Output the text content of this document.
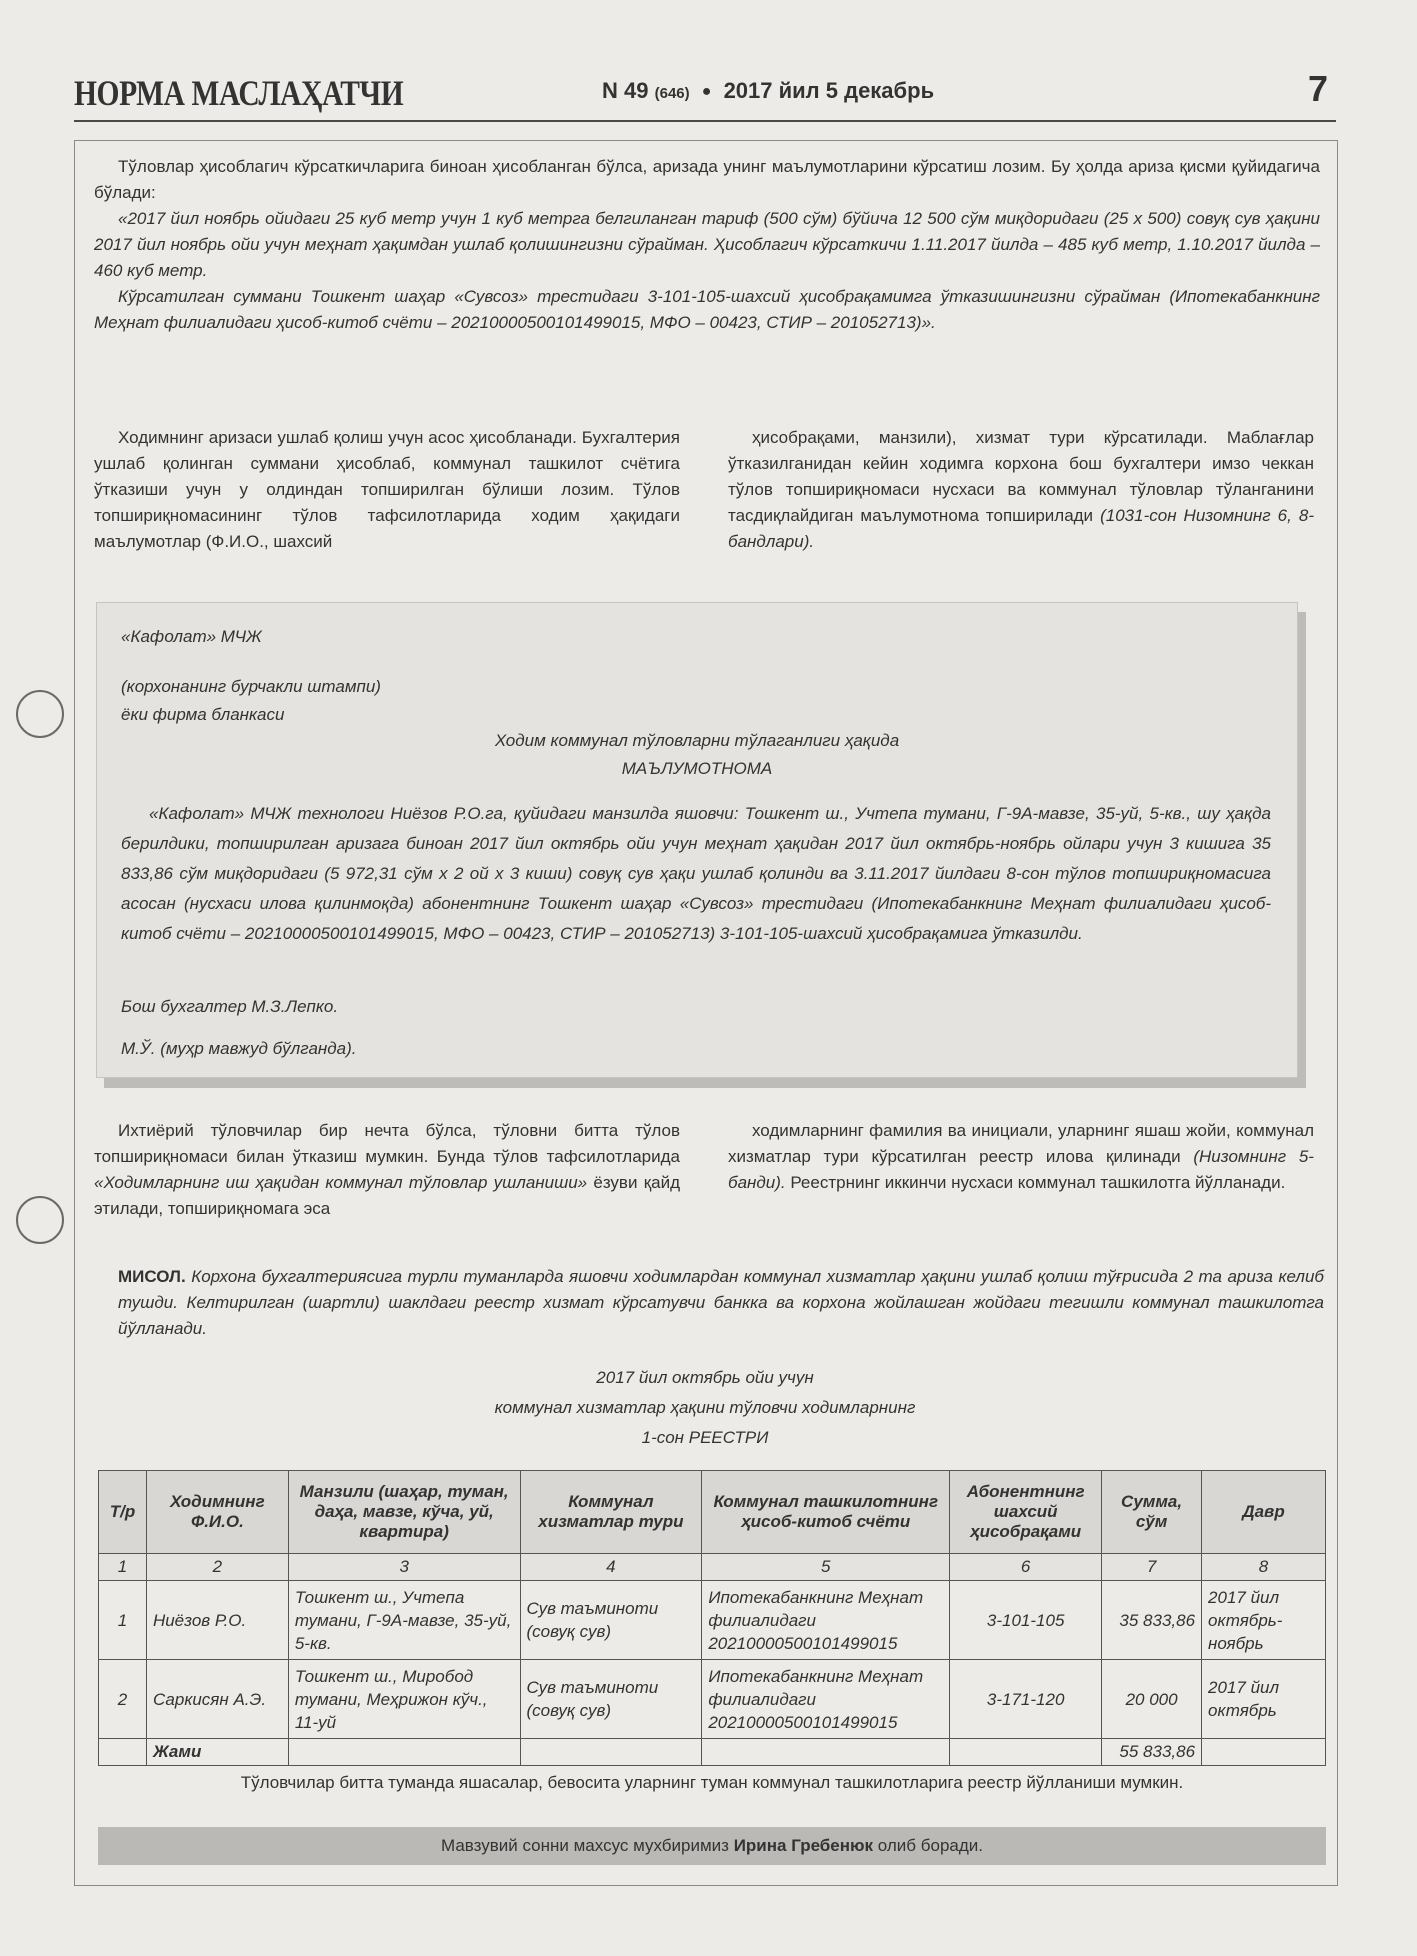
НОРМА МАСЛАҲАТЧИ	N 49 (646) ● 2017 йил 5 декабрь	7

Тўловлар ҳисоблагич кўрсаткичларига биноан ҳисобланган бўлса, аризада унинг маълумотларини кўрсатиш лозим. Бу ҳолда ариза қисми қуйидагича бўлади:

«2017 йил ноябрь ойидаги 25 куб метр учун 1 куб метрга белгиланган тариф (500 сўм) бўйича 12 500 сўм миқдоридаги (25 x 500) совуқ сув ҳақини 2017 йил ноябрь ойи учун меҳнат ҳақимдан ушлаб қолишингизни сўрайман. Ҳисоблагич кўрсаткичи 1.11.2017 йилда – 485 куб метр, 1.10.2017 йилда – 460 куб метр.

Кўрсатилган суммани Тошкент шаҳар «Сувсоз» трестидаги 3-101-105-шахсий ҳисобрақамимга ўтказишингизни сўрайман (Ипотекабанкнинг Меҳнат филиалидаги ҳисоб-китоб счёти – 20210000500101499015, МФО – 00423, СТИР – 201052713)».

Ходимнинг аризаси ушлаб қолиш учун асос ҳисобланади. Бухгалтерия ушлаб қолинган суммани ҳисоблаб, коммунал ташкилот счётига ўтказиши учун у олдиндан топширилган бўлиши лозим. Тўлов топшириқномасининг тўлов тафсилотларида ходим ҳақидаги маълумотлар (Ф.И.О., шахсий

ҳисобрақами, манзили), хизмат тури кўрсатилади. Маблағлар ўтказилганидан кейин ходимга корхона бош бухгалтери имзо чеккан тўлов топшириқномаси нусхаси ва коммунал тўловлар тўланганини тасдиқлайдиган маълумотнома топширилади (1031-сон Низомнинг 6, 8-бандлари).

«Кафолат» МЧЖ
(корхонанинг бурчакли штампи)
ёки фирма бланкаси
Ходим коммунал тўловларни тўлаганлиги ҳақида
МАЪЛУМОТНОМА

«Кафолат» МЧЖ технологи Ниёзов Р.О.га, қуйидаги манзилда яшовчи: Тошкент ш., Учтепа тумани, Г-9А-мавзе, 35-уй, 5-кв., шу ҳақда берилдики, топширилган аризага биноан 2017 йил октябрь ойи учун меҳнат ҳақидан 2017 йил октябрь-ноябрь ойлари учун 3 кишига 35 833,86 сўм миқдоридаги (5 972,31 сўм x 2 ой x 3 киши) совуқ сув ҳақи ушлаб қолинди ва 3.11.2017 йилдаги 8-сон тўлов топшириқномасига асосан (нусхаси илова қилинмоқда) абонентнинг Тошкент шаҳар «Сувсоз» трестидаги (Ипотекабанкнинг Меҳнат филиалидаги ҳисоб-китоб счёти – 20210000500101499015, МФО – 00423, СТИР – 201052713) 3-101-105-шахсий ҳисобрақамига ўтказилди.

Бош бухгалтер М.З.Лепко.
М.Ў. (муҳр мавжуд бўлганда).

Ихтиёрий тўловчилар бир нечта бўлса, тўловни битта тўлов топшириқномаси билан ўтказиш мумкин. Бунда тўлов тафсилотларида «Ходимларнинг иш ҳақидан коммунал тўловлар ушланиши» ёзуви қайд этилади, топшириқномага эса

ходимларнинг фамилия ва инициали, уларнинг яшаш жойи, коммунал хизматлар тури кўрсатилган реестр илова қилинади (Низомнинг 5-банди). Реестрнинг иккинчи нусхаси коммунал ташкилотга йўлланади.

МИСОЛ. Корхона бухгалтериясига турли туманларда яшовчи ходимлардан коммунал хизматлар ҳақини ушлаб қолиш тўғрисида 2 та ариза келиб тушди. Келтирилган (шартли) шаклдаги реестр хизмат кўрсатувчи банкка ва корхона жойлашган жойдаги тегишли коммунал ташкилотга йўлланади.
2017 йил октябрь ойи учун
коммунал хизматлар ҳақини тўловчи ходимларнинг
1-сон РЕЕСТРИ
Т/р	Ходимнинг Ф.И.О.	Манзили (шаҳар, туман, даҳа, мавзе, кўча, уй, квартира)	Коммунал хизматлар тури	Коммунал ташкилотнинг ҳисоб-китоб счёти	Абонентнинг шахсий ҳисобрақами	Сумма, сўм	Давр
1	2	3	4	5	6	7	8
1	Ниёзов Р.О.	Тошкент ш., Учтепа тумани, Г-9А-мавзе, 35-уй, 5-кв.	Сув таъминоти (совуқ сув)	Ипотекабанкнинг Меҳнат филиалидаги 20210000500101499015	3-101-105	35 833,86	2017 йил октябрь-ноябрь
2	Саркисян А.Э.	Тошкент ш., Миробод тумани, Меҳрижон кўч., 11-уй	Сув таъминоти (совуқ сув)	Ипотекабанкнинг Меҳнат филиалидаги 20210000500101499015	3-171-120	20 000	2017 йил октябрь
	Жами					55 833,86	
Тўловчилар битта туманда яшасалар, бевосита уларнинг туман коммунал ташкилотларига реестр йўлланиши мумкин.
Мавзувий сонни махсус мухбиримиз Ирина Гребенюк олиб боради.
